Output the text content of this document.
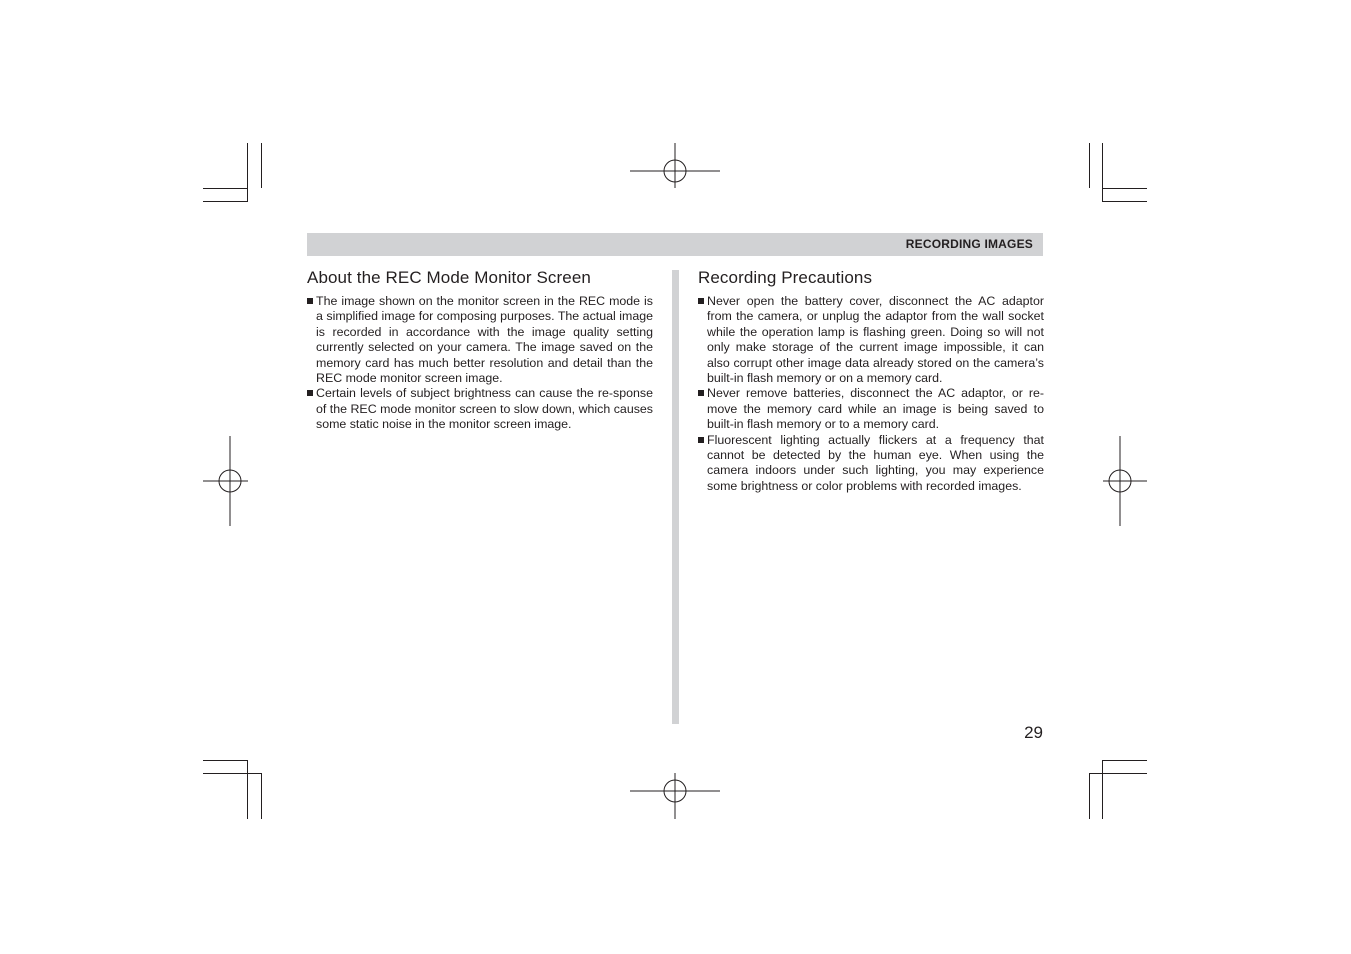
RECORDING IMAGES
About the REC Mode Monitor Screen
The image shown on the monitor screen in the REC mode is a simplified image for composing purposes. The actual image is recorded in accordance with the image quality setting currently selected on your camera. The image saved on the memory card has much better resolution and detail than the REC mode monitor screen image.
Certain levels of subject brightness can cause the re-sponse of the REC mode monitor screen to slow down, which causes some static noise in the monitor screen image.
Recording Precautions
Never open the battery cover, disconnect the AC adaptor from the camera, or unplug the adaptor from the wall socket while the operation lamp is flashing green. Doing so will not only make storage of the current image impossible, it can also corrupt other image data already stored on the camera’s built-in flash memory or on a memory card.
Never remove batteries, disconnect the AC adaptor, or re-move the memory card while an image is being saved to built-in flash memory or to a memory card.
Fluorescent lighting actually flickers at a frequency that cannot be detected by the human eye. When using the camera indoors under such lighting, you may experience some brightness or color problems with recorded images.
29
